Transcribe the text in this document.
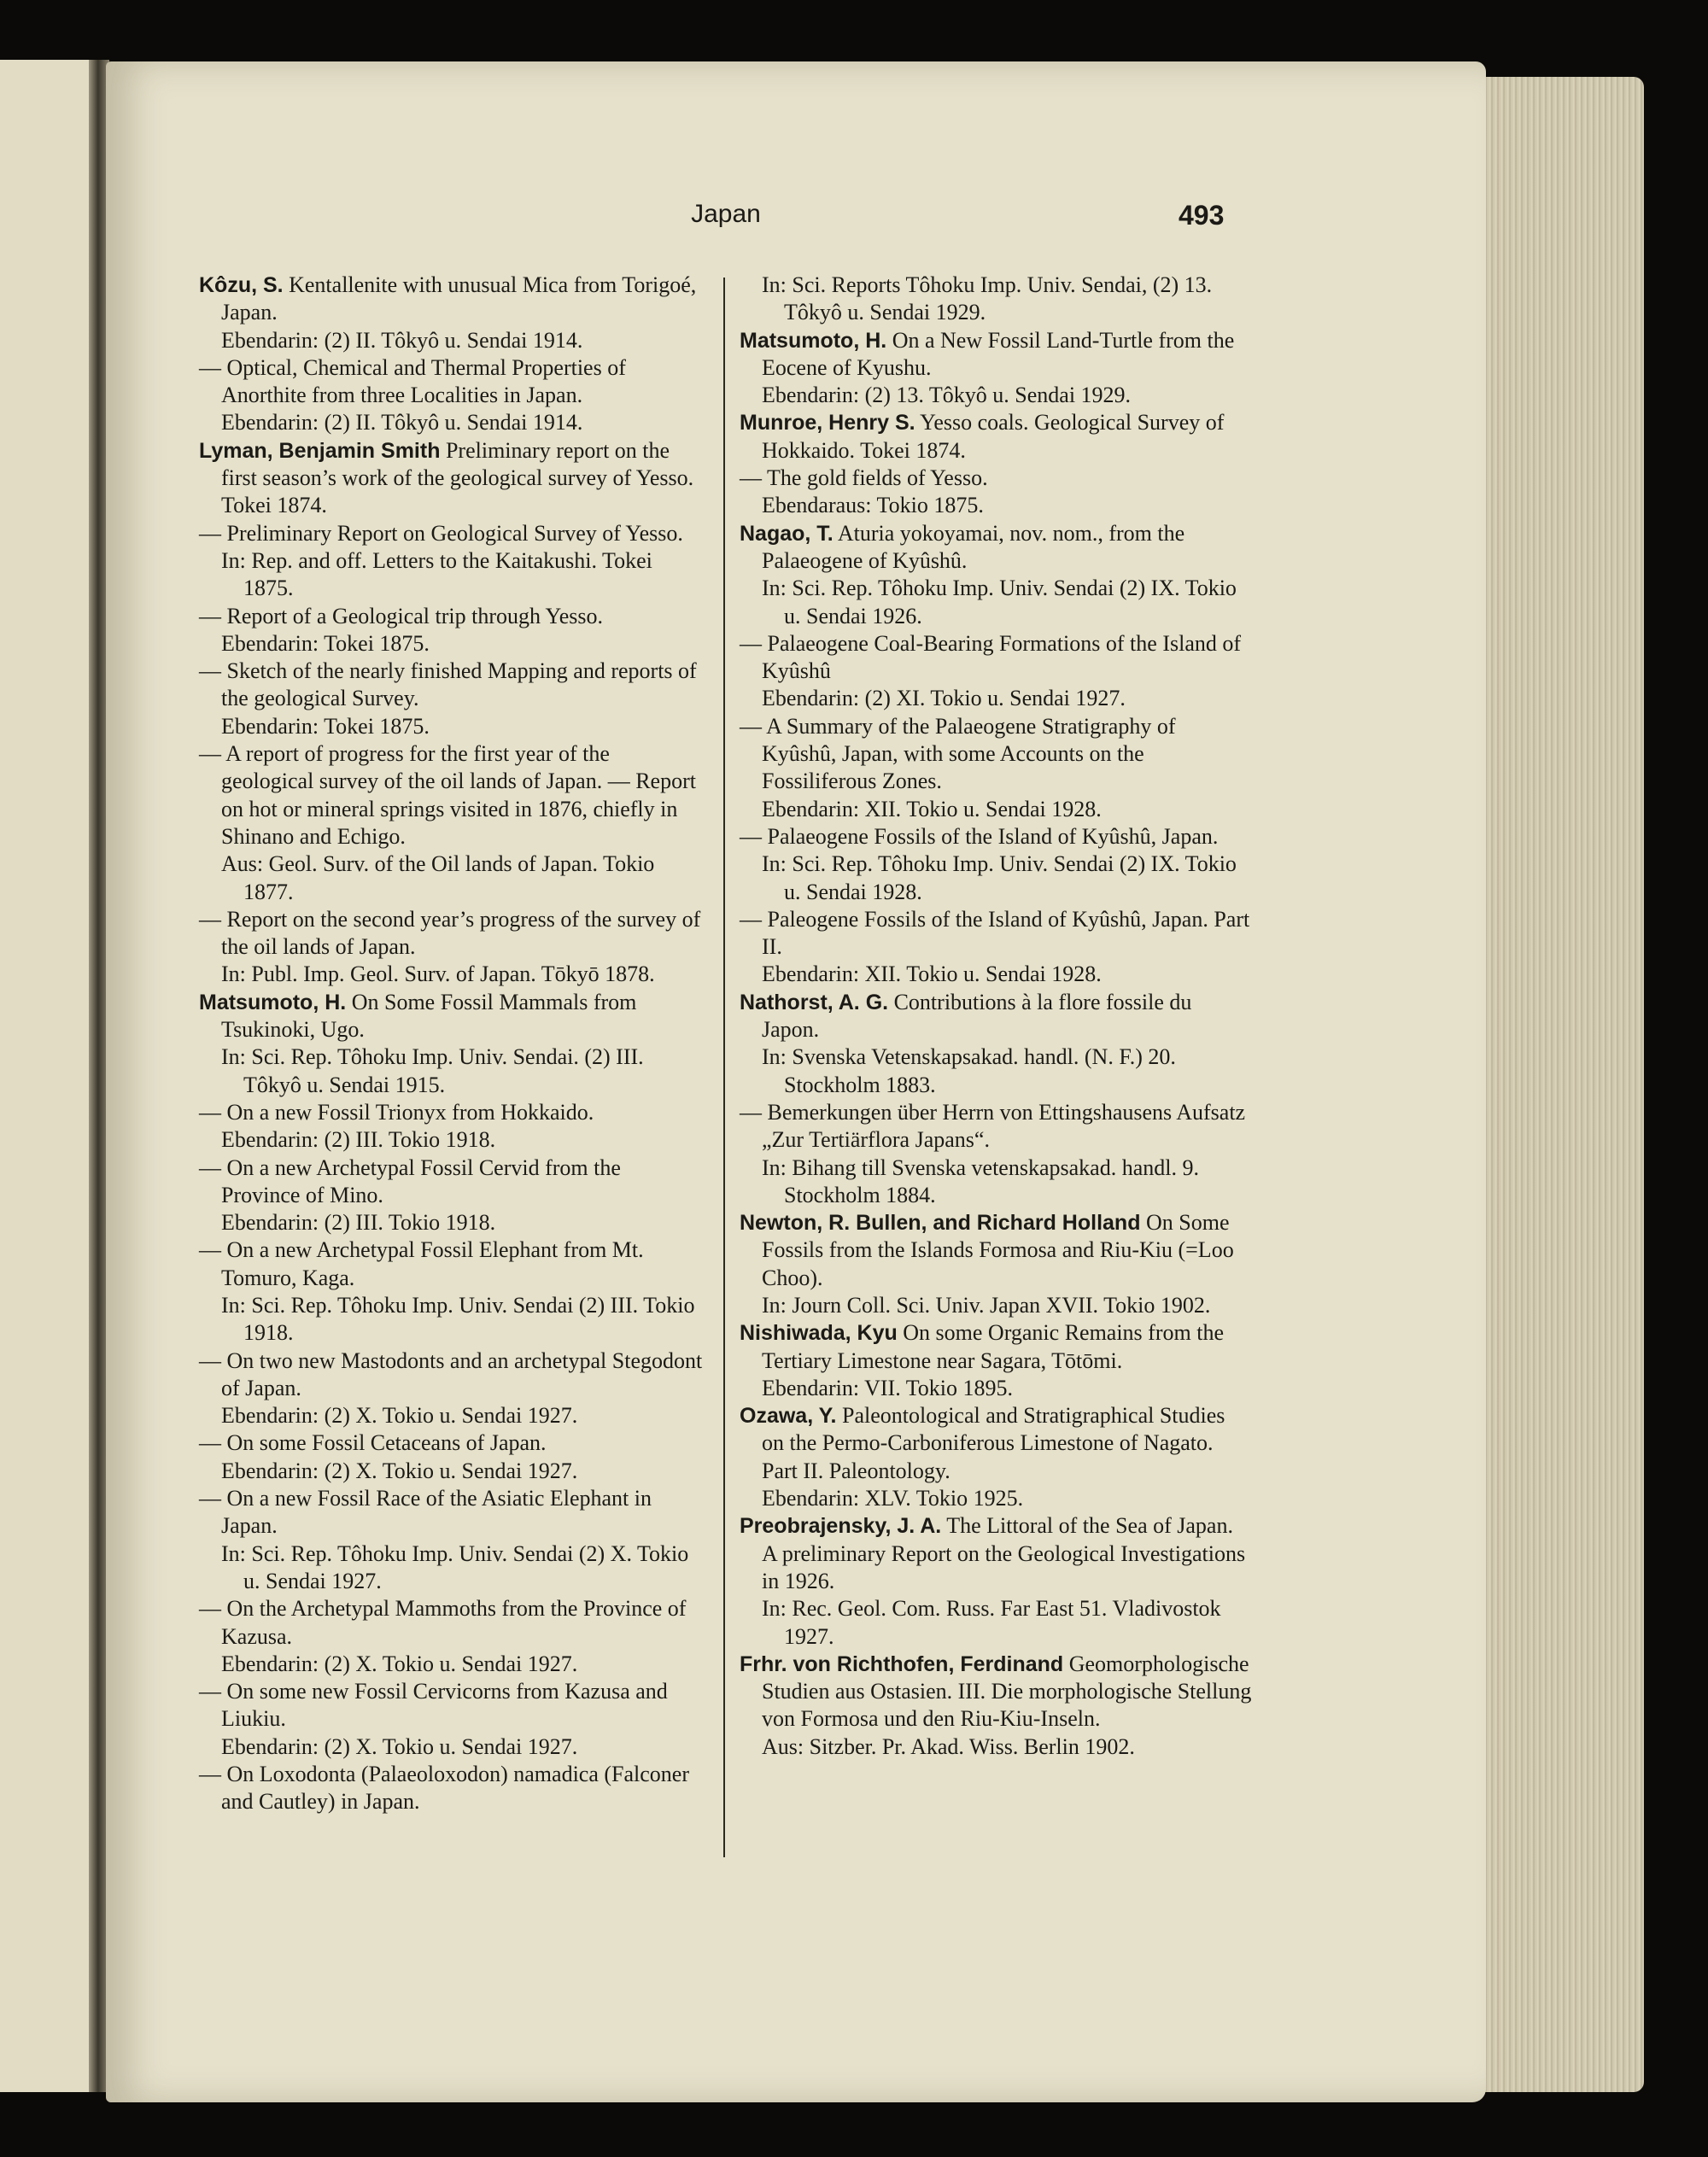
Japan	493

Kôzu, S. Kentallenite with unusual Mica from Torigoé, Japan.

Ebendarin: (2) II. Tôkyô u. Sendai 1914.

— Optical, Chemical and Thermal Properties of Anorthite from three Localities in Japan.

Ebendarin: (2) II. Tôkyô u. Sendai 1914.

Lyman, Benjamin Smith Preliminary report on the first season’s work of the geological survey of Yesso. Tokei 1874.

— Preliminary Report on Geological Survey of Yesso.

In: Rep. and off. Letters to the Kaitakushi. Tokei 1875.

— Report of a Geological trip through Yesso.

Ebendarin: Tokei 1875.

— Sketch of the nearly finished Mapping and reports of the geological Survey.

Ebendarin: Tokei 1875.

— A report of progress for the first year of the geological survey of the oil lands of Japan. — Report on hot or mineral springs visited in 1876, chiefly in Shinano and Echigo.

Aus: Geol. Surv. of the Oil lands of Japan. Tokio 1877.

— Report on the second year’s progress of the survey of the oil lands of Japan.

In: Publ. Imp. Geol. Surv. of Japan. Tōkyō 1878.

Matsumoto, H. On Some Fossil Mammals from Tsukinoki, Ugo.

In: Sci. Rep. Tôhoku Imp. Univ. Sendai. (2) III. Tôkyô u. Sendai 1915.

— On a new Fossil Trionyx from Hokkaido.

Ebendarin: (2) III. Tokio 1918.

— On a new Archetypal Fossil Cervid from the Province of Mino.

Ebendarin: (2) III. Tokio 1918.

— On a new Archetypal Fossil Elephant from Mt. Tomuro, Kaga.

In: Sci. Rep. Tôhoku Imp. Univ. Sendai (2) III. Tokio 1918.

— On two new Mastodonts and an archetypal Stegodont of Japan.

Ebendarin: (2) X. Tokio u. Sendai 1927.

— On some Fossil Cetaceans of Japan.

Ebendarin: (2) X. Tokio u. Sendai 1927.

— On a new Fossil Race of the Asiatic Elephant in Japan.

In: Sci. Rep. Tôhoku Imp. Univ. Sendai (2) X. Tokio u. Sendai 1927.

— On the Archetypal Mammoths from the Province of Kazusa.

Ebendarin: (2) X. Tokio u. Sendai 1927.

— On some new Fossil Cervicorns from Kazusa and Liukiu.

Ebendarin: (2) X. Tokio u. Sendai 1927.

— On Loxodonta (Palaeoloxodon) namadica (Falconer and Cautley) in Japan.

In: Sci. Reports Tôhoku Imp. Univ. Sendai, (2) 13. Tôkyô u. Sendai 1929.

Matsumoto, H. On a New Fossil Land-Turtle from the Eocene of Kyushu.

Ebendarin: (2) 13. Tôkyô u. Sendai 1929.

Munroe, Henry S. Yesso coals. Geological Survey of Hokkaido. Tokei 1874.

— The gold fields of Yesso.

Ebendaraus: Tokio 1875.

Nagao, T. Aturia yokoyamai, nov. nom., from the Palaeogene of Kyûshû.

In: Sci. Rep. Tôhoku Imp. Univ. Sendai (2) IX. Tokio u. Sendai 1926.

— Palaeogene Coal-Bearing Formations of the Island of Kyûshû

Ebendarin: (2) XI. Tokio u. Sendai 1927.

— A Summary of the Palaeogene Stratigraphy of Kyûshû, Japan, with some Accounts on the Fossiliferous Zones.

Ebendarin: XII. Tokio u. Sendai 1928.

— Palaeogene Fossils of the Island of Kyûshû, Japan.

In: Sci. Rep. Tôhoku Imp. Univ. Sendai (2) IX. Tokio u. Sendai 1928.

— Paleogene Fossils of the Island of Kyûshû, Japan. Part II.

Ebendarin: XII. Tokio u. Sendai 1928.

Nathorst, A. G. Contributions à la flore fossile du Japon.

In: Svenska Vetenskapsakad. handl. (N. F.) 20. Stockholm 1883.

— Bemerkungen über Herrn von Ettingshausens Aufsatz „Zur Tertiärflora Japans“.

In: Bihang till Svenska vetenskapsakad. handl. 9. Stockholm 1884.

Newton, R. Bullen, and Richard Holland On Some Fossils from the Islands Formosa and Riu-Kiu (=Loo Choo).

In: Journ Coll. Sci. Univ. Japan XVII. Tokio 1902.

Nishiwada, Kyu On some Organic Remains from the Tertiary Limestone near Sagara, Tōtōmi.

Ebendarin: VII. Tokio 1895.

Ozawa, Y. Paleontological and Stratigraphical Studies on the Permo-Carboniferous Limestone of Nagato. Part II. Paleontology.

Ebendarin: XLV. Tokio 1925.

Preobrajensky, J. A. The Littoral of the Sea of Japan. A preliminary Report on the Geological Investigations in 1926.

In: Rec. Geol. Com. Russ. Far East 51. Vladivostok 1927.

Frhr. von Richthofen, Ferdinand Geomorphologische Studien aus Ostasien. III. Die morphologische Stellung von Formosa und den Riu-Kiu-Inseln.

Aus: Sitzber. Pr. Akad. Wiss. Berlin 1902.
